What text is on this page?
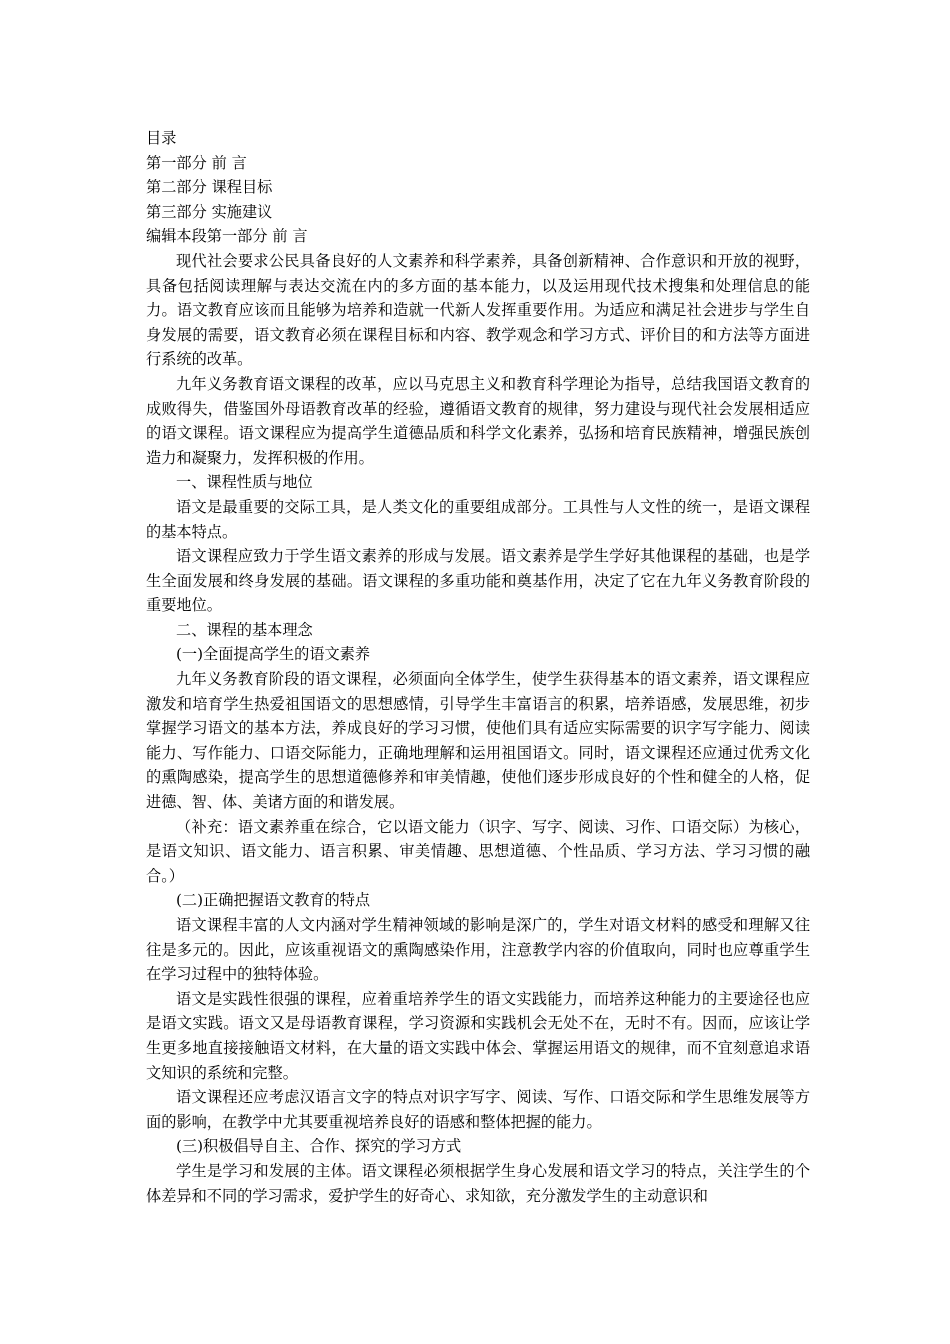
目录

第一部分 前 言

第二部分 课程目标

第三部分 实施建议

编辑本段第一部分 前 言

现代社会要求公民具备良好的人文素养和科学素养，具备创新精神、合作意识和开放的视野，具备包括阅读理解与表达交流在内的多方面的基本能力，以及运用现代技术搜集和处理信息的能力。语文教育应该而且能够为培养和造就一代新人发挥重要作用。为适应和满足社会进步与学生自身发展的需要，语文教育必须在课程目标和内容、教学观念和学习方式、评价目的和方法等方面进行系统的改革。

九年义务教育语文课程的改革，应以马克思主义和教育科学理论为指导，总结我国语文教育的成败得失，借鉴国外母语教育改革的经验，遵循语文教育的规律，努力建设与现代社会发展相适应的语文课程。语文课程应为提高学生道德品质和科学文化素养，弘扬和培育民族精神，增强民族创造力和凝聚力，发挥积极的作用。

一、课程性质与地位

语文是最重要的交际工具，是人类文化的重要组成部分。工具性与人文性的统一，是语文课程的基本特点。

语文课程应致力于学生语文素养的形成与发展。语文素养是学生学好其他课程的基础，也是学生全面发展和终身发展的基础。语文课程的多重功能和奠基作用，决定了它在九年义务教育阶段的重要地位。

二、课程的基本理念

(一)全面提高学生的语文素养

九年义务教育阶段的语文课程，必须面向全体学生，使学生获得基本的语文素养，语文课程应激发和培育学生热爱祖国语文的思想感情，引导学生丰富语言的积累，培养语感，发展思维，初步掌握学习语文的基本方法，养成良好的学习习惯，使他们具有适应实际需要的识字写字能力、阅读能力、写作能力、口语交际能力，正确地理解和运用祖国语文。同时，语文课程还应通过优秀文化的熏陶感染，提高学生的思想道德修养和审美情趣，使他们逐步形成良好的个性和健全的人格，促进德、智、体、美诸方面的和谐发展。

（补充：语文素养重在综合，它以语文能力（识字、写字、阅读、习作、口语交际）为核心，是语文知识、语文能力、语言积累、审美情趣、思想道德、个性品质、学习方法、学习习惯的融合。）

(二)正确把握语文教育的特点

语文课程丰富的人文内涵对学生精神领域的影响是深广的，学生对语文材料的感受和理解又往往是多元的。因此，应该重视语文的熏陶感染作用，注意教学内容的价值取向，同时也应尊重学生在学习过程中的独特体验。

语文是实践性很强的课程，应着重培养学生的语文实践能力，而培养这种能力的主要途径也应是语文实践。语文又是母语教育课程，学习资源和实践机会无处不在，无时不有。因而，应该让学生更多地直接接触语文材料，在大量的语文实践中体会、掌握运用语文的规律，而不宜刻意追求语文知识的系统和完整。

语文课程还应考虑汉语言文字的特点对识字写字、阅读、写作、口语交际和学生思维发展等方面的影响，在教学中尤其要重视培养良好的语感和整体把握的能力。

(三)积极倡导自主、合作、探究的学习方式

学生是学习和发展的主体。语文课程必须根据学生身心发展和语文学习的特点，关注学生的个体差异和不同的学习需求，爱护学生的好奇心、求知欲，充分激发学生的主动意识和
